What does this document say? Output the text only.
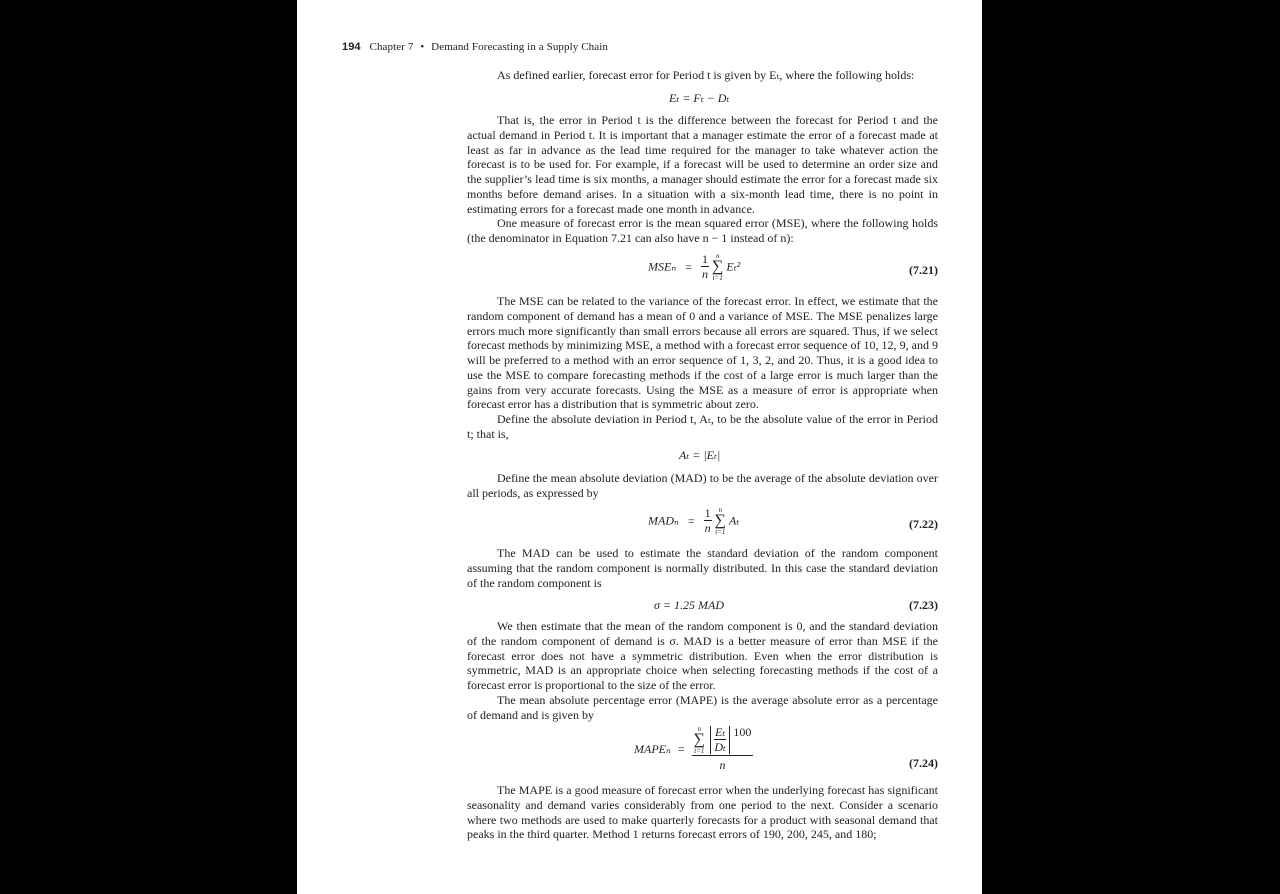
194 Chapter 7 • Demand Forecasting in a Supply Chain
As defined earlier, forecast error for Period t is given by Eₜ, where the following holds:
Eₜ = Fₜ − Dₜ
That is, the error in Period t is the difference between the forecast for Period t and the actual demand in Period t. It is important that a manager estimate the error of a forecast made at least as far in advance as the lead time required for the manager to take whatever action the forecast is to be used for. For example, if a forecast will be used to determine an order size and the supplier’s lead time is six months, a manager should estimate the error for a forecast made six months before demand arises. In a situation with a six-month lead time, there is no point in estimating errors for a forecast made one month in advance.
One measure of forecast error is the mean squared error (MSE), where the following holds (the denominator in Equation 7.21 can also have n − 1 instead of n):
$MSE_n = \frac{1}{n}$
n
∑
t=1
Eₜ²	(7.21)
The MSE can be related to the variance of the forecast error. In effect, we estimate that the random component of demand has a mean of 0 and a variance of MSE. The MSE penalizes large errors much more significantly than small errors because all errors are squared. Thus, if we select forecast methods by minimizing MSE, a method with a forecast error sequence of 10, 12, 9, and 9 will be preferred to a method with an error sequence of 1, 3, 2, and 20. Thus, it is a good idea to use the MSE to compare forecasting methods if the cost of a large error is much larger than the gains from very accurate forecasts. Using the MSE as a measure of error is appropriate when forecast error has a distribution that is symmetric about zero.
Define the absolute deviation in Period t, Aₜ, to be the absolute value of the error in Period t; that is,
Aₜ = |Eₜ|
Define the mean absolute deviation (MAD) to be the average of the absolute deviation over all periods, as expressed by
$MAD_n = \frac{1}{n}$
n
∑
t=1
Aₜ	(7.22)
The MAD can be used to estimate the standard deviation of the random component assuming that the random component is normally distributed. In this case the standard deviation of the random component is
σ = 1.25 MAD	(7.23)
We then estimate that the mean of the random component is 0, and the standard deviation of the random component of demand is σ. MAD is a better measure of error than MSE if the forecast error does not have a symmetric distribution. Even when the error distribution is symmetric, MAD is an appropriate choice when selecting forecasting methods if the cost of a forecast error is proportional to the size of the error.
The mean absolute percentage error (MAPE) is the average absolute error as a percentage of demand and is given by
MAPEₙ =
n
∑
t=1
$\frac{\text{Eₜ}}{\text{Dₜ}} 100$
n	(7.24)
The MAPE is a good measure of forecast error when the underlying forecast has significant seasonality and demand varies considerably from one period to the next. Consider a scenario where two methods are used to make quarterly forecasts for a product with seasonal demand that peaks in the third quarter. Method 1 returns forecast errors of 190, 200, 245, and 180;
